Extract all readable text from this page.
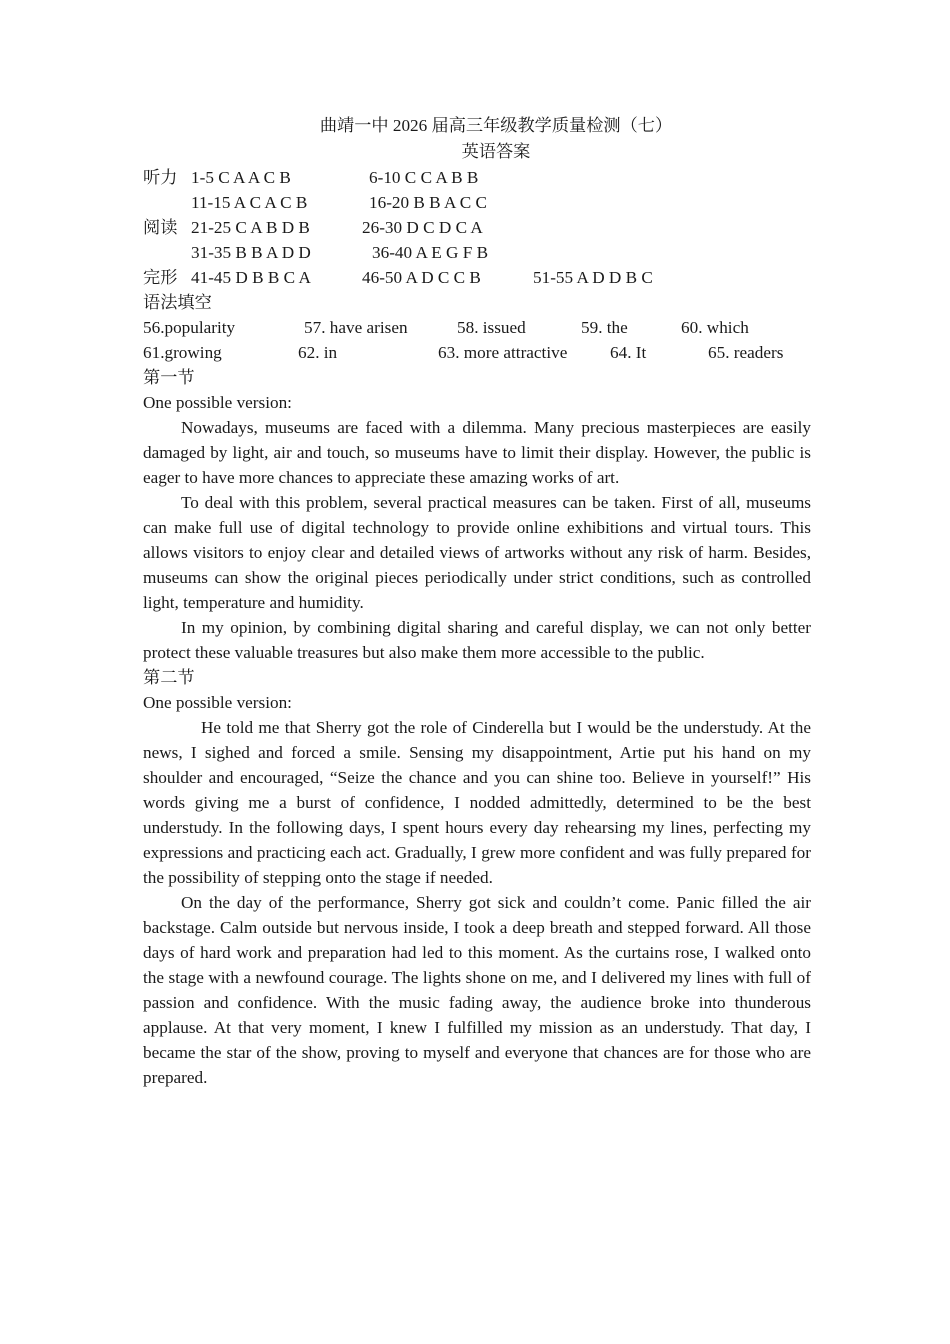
曲靖一中 2026 届高三年级教学质量检测（七）
英语答案
听力 1-5 C A A C B	6-10 C C A B B
11-15 A C A C B	16-20 B B A C C
阅读 21-25 C A B D B	26-30 D C D C A
31-35 B B A D D	36-40 A E G F B
完形 41-45 D B B C A	46-50 A D C C B	51-55 A D D B C
语法填空
56.popularity	57. have arisen	58. issued	59. the	60. which
61.growing	62. in	63. more attractive 64. It	65. readers
第一节
One possible version:

Nowadays, museums are faced with a dilemma. Many precious masterpieces are easily damaged by light, air and touch, so museums have to limit their display. However, the public is eager to have more chances to appreciate these amazing works of art.

To deal with this problem, several practical measures can be taken. First of all, museums can make full use of digital technology to provide online exhibitions and virtual tours. This allows visitors to enjoy clear and detailed views of artworks without any risk of harm. Besides, museums can show the original pieces periodically under strict conditions, such as controlled light, temperature and humidity.

In my opinion, by combining digital sharing and careful display, we can not only better protect these valuable treasures but also make them more accessible to the public.

第二节
One possible version:

He told me that Sherry got the role of Cinderella but I would be the understudy. At the news, I sighed and forced a smile. Sensing my disappointment, Artie put his hand on my shoulder and encouraged, “Seize the chance and you can shine too. Believe in yourself!” His words giving me a burst of confidence, I nodded admittedly, determined to be the best understudy. In the following days, I spent hours every day rehearsing my lines, perfecting my expressions and practicing each act. Gradually, I grew more confident and was fully prepared for the possibility of stepping onto the stage if needed.

On the day of the performance, Sherry got sick and couldn’t come. Panic filled the air backstage. Calm outside but nervous inside, I took a deep breath and stepped forward. All those days of hard work and preparation had led to this moment. As the curtains rose, I walked onto the stage with a newfound courage. The lights shone on me, and I delivered my lines with full of passion and confidence. With the music fading away, the audience broke into thunderous applause. At that very moment, I knew I fulfilled my mission as an understudy. That day, I became the star of the show, proving to myself and everyone that chances are for those who are prepared.
